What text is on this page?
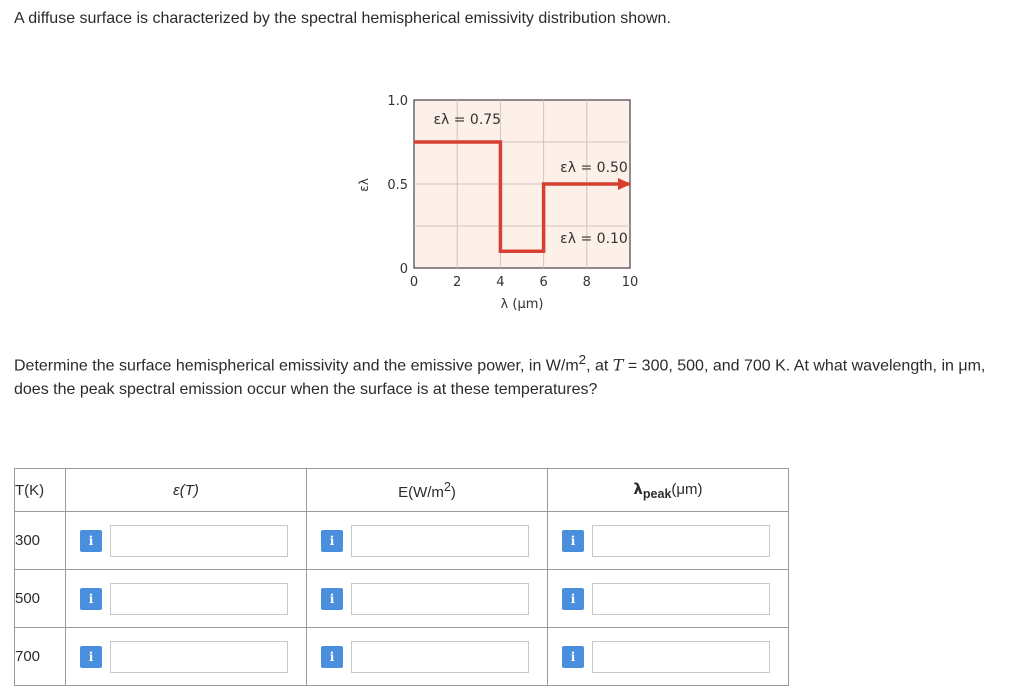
A diffuse surface is characterized by the spectral hemispherical emissivity distribution shown.

0	2	4	6	8 10
0
0.5
1.0
λ (μm)
ελ
ελ = 0.75
ελ = 0.50
ελ = 0.10

Determine the surface hemispherical emissivity and the emissive power, in $W/m^2$, at T = 300, 500, and 700 K. At what wavelength, in μm, does the peak spectral emission occur when the surface is at these temperatures?

T(K)	ε(T)	$E(W/m^2)$	$\lambda_{peak}(\mu m)$
300	i	i	i

500	i	i	i

700	i	i	i
